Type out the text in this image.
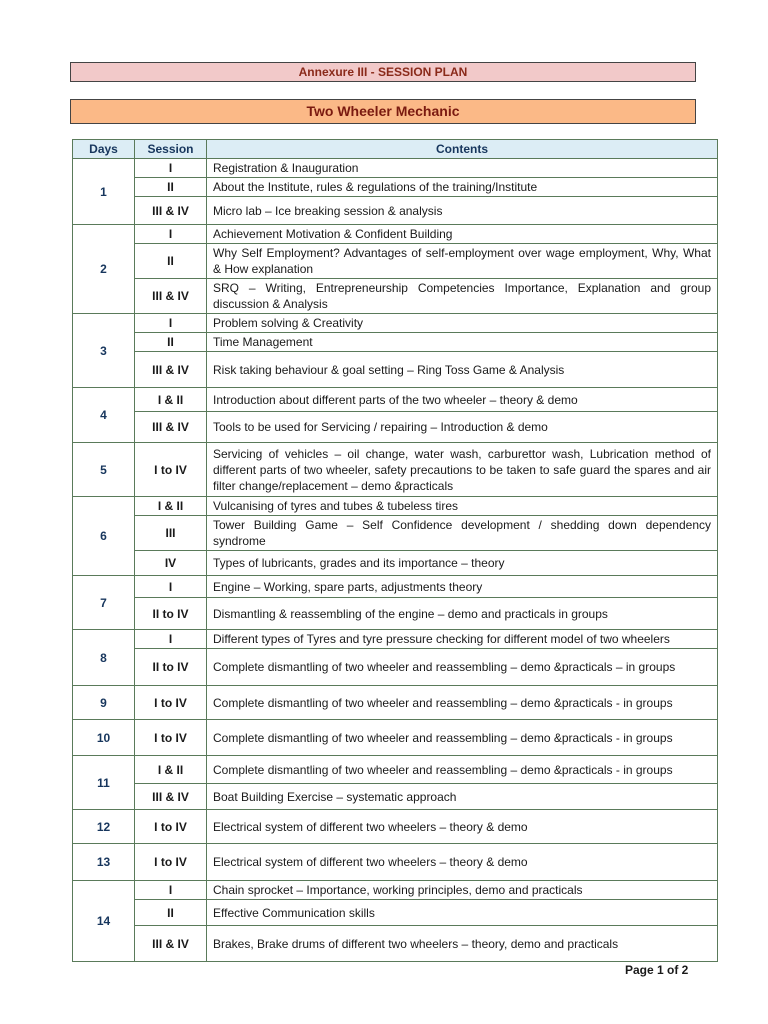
Annexure III - SESSION PLAN
Two Wheeler Mechanic
Days	Session	Contents
1	I	Registration & Inauguration
	II	About the Institute, rules & regulations of the training/Institute
	III & IV	Micro lab – Ice breaking session & analysis
2	I	Achievement Motivation & Confident Building
	II	Why Self Employment? Advantages of self-employment over wage employment, Why, What & How explanation
	III & IV	SRQ – Writing, Entrepreneurship Competencies Importance, Explanation and group discussion & Analysis
3	I	Problem solving & Creativity
	II	Time Management
	III & IV	Risk taking behaviour & goal setting – Ring Toss Game & Analysis
4	I & II	Introduction about different parts of the two wheeler – theory & demo
	III & IV	Tools to be used for Servicing / repairing – Introduction & demo
5	I to IV	Servicing of vehicles – oil change, water wash, carburettor wash, Lubrication method of different parts of two wheeler, safety precautions to be taken to safe guard the spares and air filter change/replacement – demo &practicals
6	I & II	Vulcanising of tyres and tubes & tubeless tires
	III	Tower Building Game – Self Confidence development / shedding down dependency syndrome
	IV	Types of lubricants, grades and its importance – theory
7	I	Engine – Working, spare parts, adjustments theory
	II to IV	Dismantling & reassembling of the engine – demo and practicals in groups
8	I	Different types of Tyres and tyre pressure checking for different model of two wheelers
	II to IV	Complete dismantling of two wheeler and reassembling – demo &practicals – in groups
9	I to IV	Complete dismantling of two wheeler and reassembling – demo &practicals - in groups
10	I to IV	Complete dismantling of two wheeler and reassembling – demo &practicals - in groups
11	I & II	Complete dismantling of two wheeler and reassembling – demo &practicals - in groups
	III & IV	Boat Building Exercise – systematic approach
12	I to IV	Electrical system of different two wheelers – theory & demo
13	I to IV	Electrical system of different two wheelers – theory & demo
14	I	Chain sprocket – Importance, working principles, demo and practicals
	II	Effective Communication skills
	III & IV	Brakes, Brake drums of different two wheelers – theory, demo and practicals
Page 1 of 2
